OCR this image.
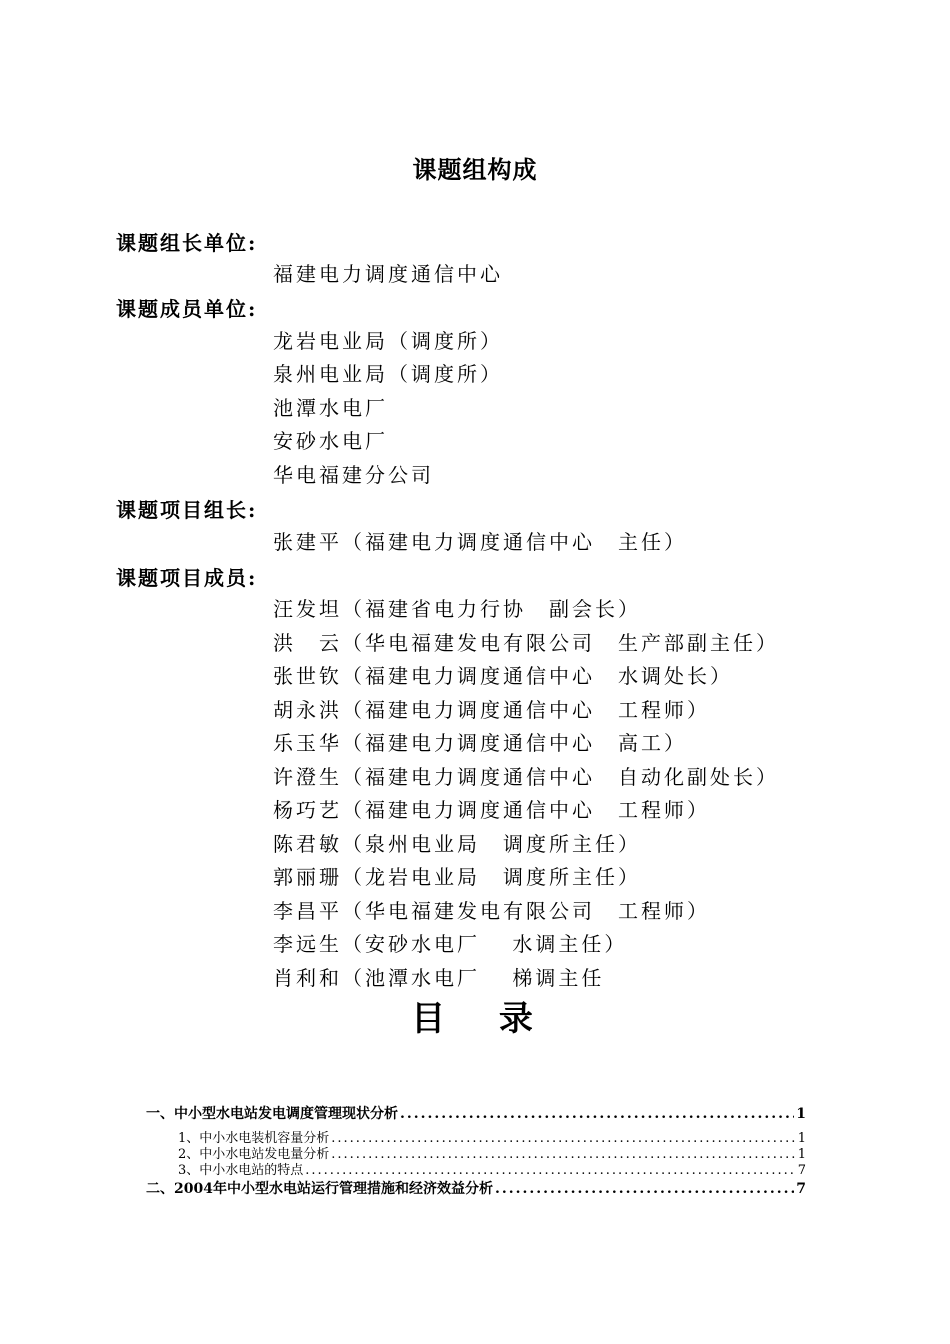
课题组构成
课题组长单位:
福建电力调度通信中心
课题成员单位:
龙岩电业局（调度所）
泉州电业局（调度所）
池潭水电厂
安砂水电厂
华电福建分公司
课题项目组长:
张建平（福建电力调度通信中心　主任）
课题项目成员:
汪发坦（福建省电力行协　副会长）
洪　云（华电福建发电有限公司　生产部副主任）
张世钦（福建电力调度通信中心　水调处长）
胡永洪（福建电力调度通信中心　工程师）
乐玉华（福建电力调度通信中心　高工）
许澄生（福建电力调度通信中心　自动化副处长）
杨巧艺（福建电力调度通信中心　工程师）
陈君敏（泉州电业局　调度所主任）
郭丽珊（龙岩电业局　调度所主任）
李昌平（华电福建发电有限公司　工程师）
李远生（安砂水电厂　 水调主任）
肖利和（池潭水电厂　 梯调主任
目 录
一、中小型水电站发电调度管理现状分析 .....	1
1、中小水电装机容量分析 .....	1
2、中小水电站发电量分析 .....	1
3、中小水电站的特点 .....	7
二、2004年中小型水电站运行管理措施和经济效益分析 .....	7
